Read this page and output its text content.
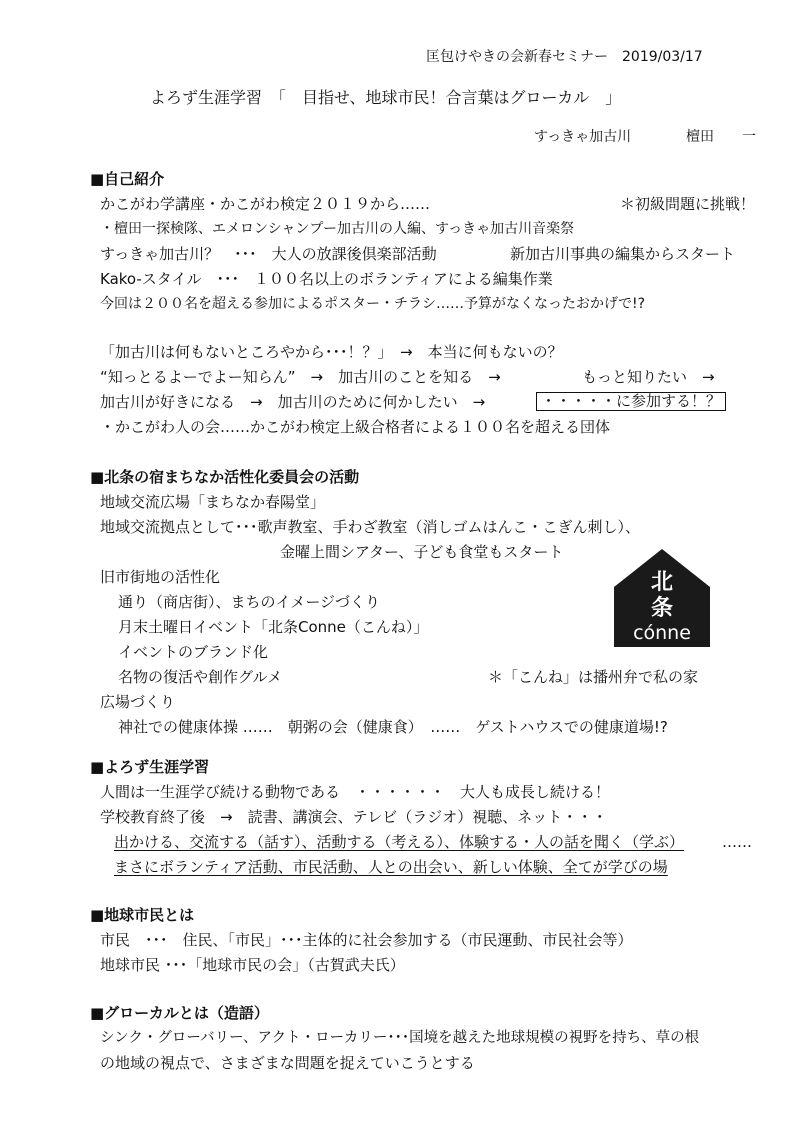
匡包けやきの会新春セミナー　2019/03/17
よろず生涯学習　「　目指せ、地球市民！合言葉はグローカル　」
すっきゃ加古川	檀田　　一
■自己紹介
かこがわ学講座・かこがわ検定２０１９から……	＊初級問題に挑戦！
・檀田一探検隊、エメロンシャンプー加古川の人編、すっきゃ加古川音楽祭
すっきゃ加古川？　･･･　大人の放課後倶楽部活動	新加古川事典の編集からスタート
Kako-スタイル　･･･　１００名以上のボランティアによる編集作業
今回は２００名を超える参加によるポスター・チラシ……予算がなくなったおかげで!?
「加古川は何もないところやから･･･！？」　→　本当に何もないの？
“知っとるよーでよー知らん”　→　加古川のことを知る　→	もっと知りたい　→
加古川が好きになる　→　加古川のために何かしたい　→	・・・・・に参加する！？
・かこがわ人の会……かこがわ検定上級合格者による１００名を超える団体
■北条の宿まちなか活性化委員会の活動
地域交流広場「まちなか春陽堂」
地域交流拠点として･･･歌声教室、手わざ教室（消しゴムはんこ・こぎん刺し）、
金曜上間シアター、子ども食堂もスタート
旧市街地の活性化
通り（商店街）、まちのイメージづくり
月末土曜日イベント「北条Conne（こんね）」
イベントのブランド化
名物の復活や創作グルメ	＊「こんね」は播州弁で私の家
広場づくり
神社での健康体操 ……　朝粥の会（健康食）　……　ゲストハウスでの健康道場!?
北
条
cónne
■よろず生涯学習
人間は一生涯学び続ける動物である　・・・・・・　大人も成長し続ける！
学校教育終了後　→　読書、講演会、テレビ（ラジオ）視聴、ネット・・・
出かける、交流する（話す）、活動する（考える）、体験する・人の話を聞く（学ぶ）	……
まさにボランティア活動、市民活動、人との出会い、新しい体験、全てが学びの場
■地球市民とは
市民　･･･　住民、「市民」･･･主体的に社会参加する（市民運動、市民社会等）
地球市民 ･･･「地球市民の会」（古賀武夫氏）
■グローカルとは（造語）
シンク・グローバリー、アクト・ローカリー･･･国境を越えた地球規模の視野を持ち、草の根
の地域の視点で、さまざまな問題を捉えていこうとする
